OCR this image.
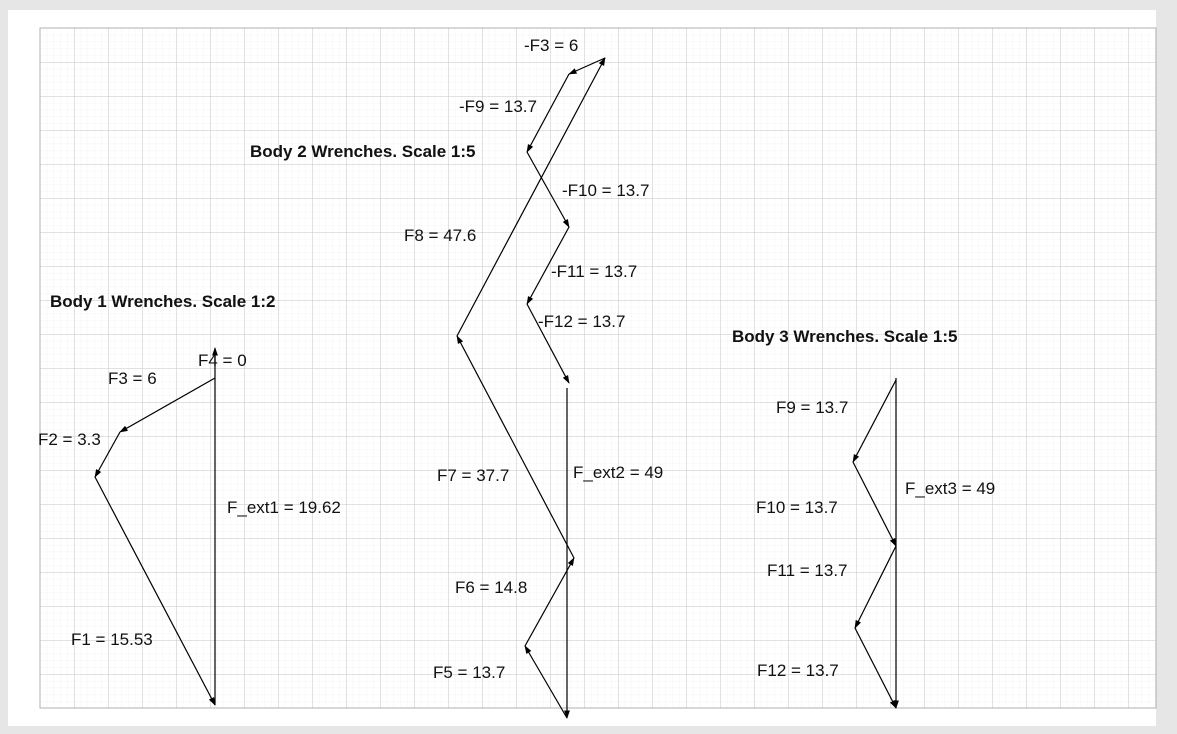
Body 1 Wrenches. Scale 1:2
Body 2 Wrenches. Scale 1:5
Body 3 Wrenches. Scale 1:5
F4 = 0
F3 = 6
F2 = 3.3
F_ext1 = 19.62
F1 = 15.53
-F3 = 6
-F9 = 13.7
-F10 = 13.7
F8 = 47.6
-F11 = 13.7
-F12 = 13.7
F7 = 37.7	F_ext2 = 49
F6 = 14.8
F5 = 13.7
F9 = 13.7
F_ext3 = 49
F10 = 13.7
F11 = 13.7
F12 = 13.7
